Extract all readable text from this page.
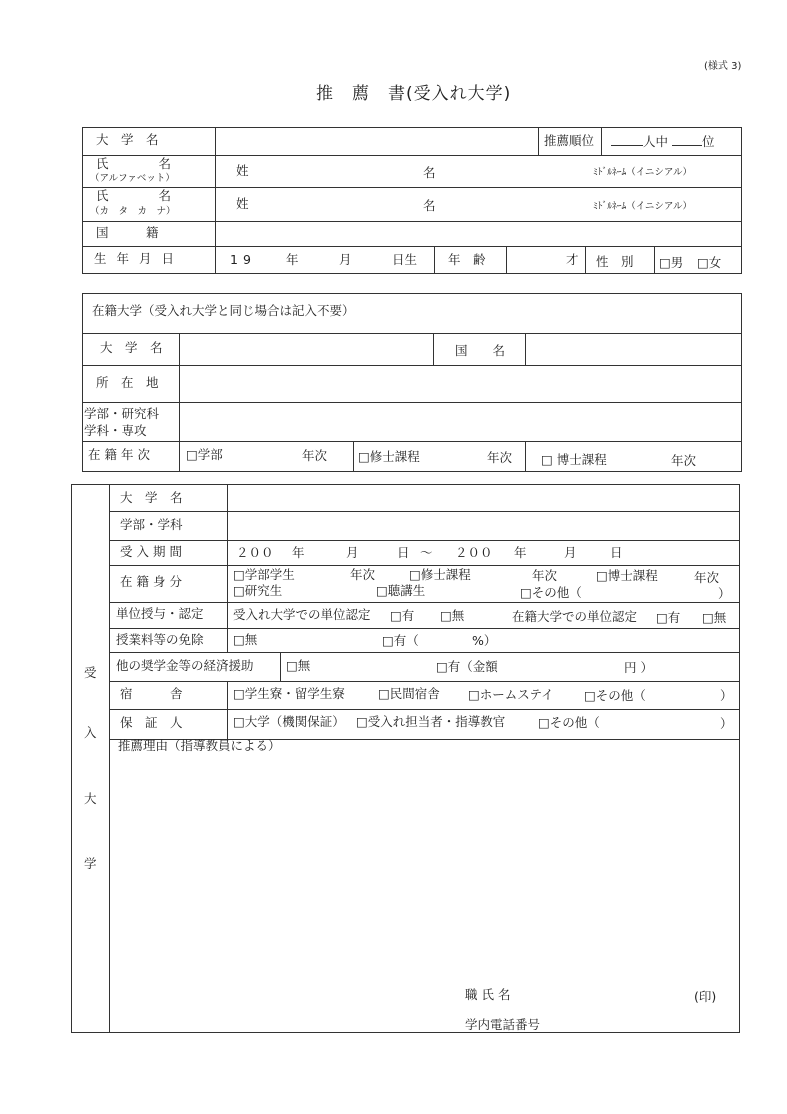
(様式 3)
推　薦　書(受入れ大学)
大　学　名	推薦順位	人中	位
氏　　　　名
（アルファベット）
姓	名	ﾐﾄﾞﾙﾈｰﾑ（イニシアル）
氏　　　　名
（カ　タ　カ　ナ）
姓	名	ﾐﾄﾞﾙﾈｰﾑ（イニシアル）
国　　　籍
生年月日	19 年	月	日生 年　齢	才 性　別 □男 □女
在籍大学（受入れ大学と同じ場合は記入不要）
大　学　名	国　　名
所　在　地
学部・研究科
学科・専攻
在籍年次	□学部	年次 □修士課程	年次 □ 博士課程	年次
受
入
大
学
大　学　名
学部・学科
受入期間	２００ 年	月	日 ～ ２００ 年	月	日
在籍身分	□学部学生	年次	□修士課程	年次	□博士課程	年次
□研究生	□聴講生	□その他（	）
単位授与・認定 受入れ大学での単位認定 □有 □無	在籍大学での単位認定 □有 □無
授業料等の免除 □無	□有（	%）
他の奨学金等の経済援助	□無	□有（金額	円 ）
宿　　　舎	□学生寮・留学生寮	□民間宿舎 □ホームステイ □その他（	）
保　証　人	□大学（機関保証） □受入れ担当者・指導教官	□その他（	）
推薦理由（指導教員による）
職 氏 名	(印)
学内電話番号
